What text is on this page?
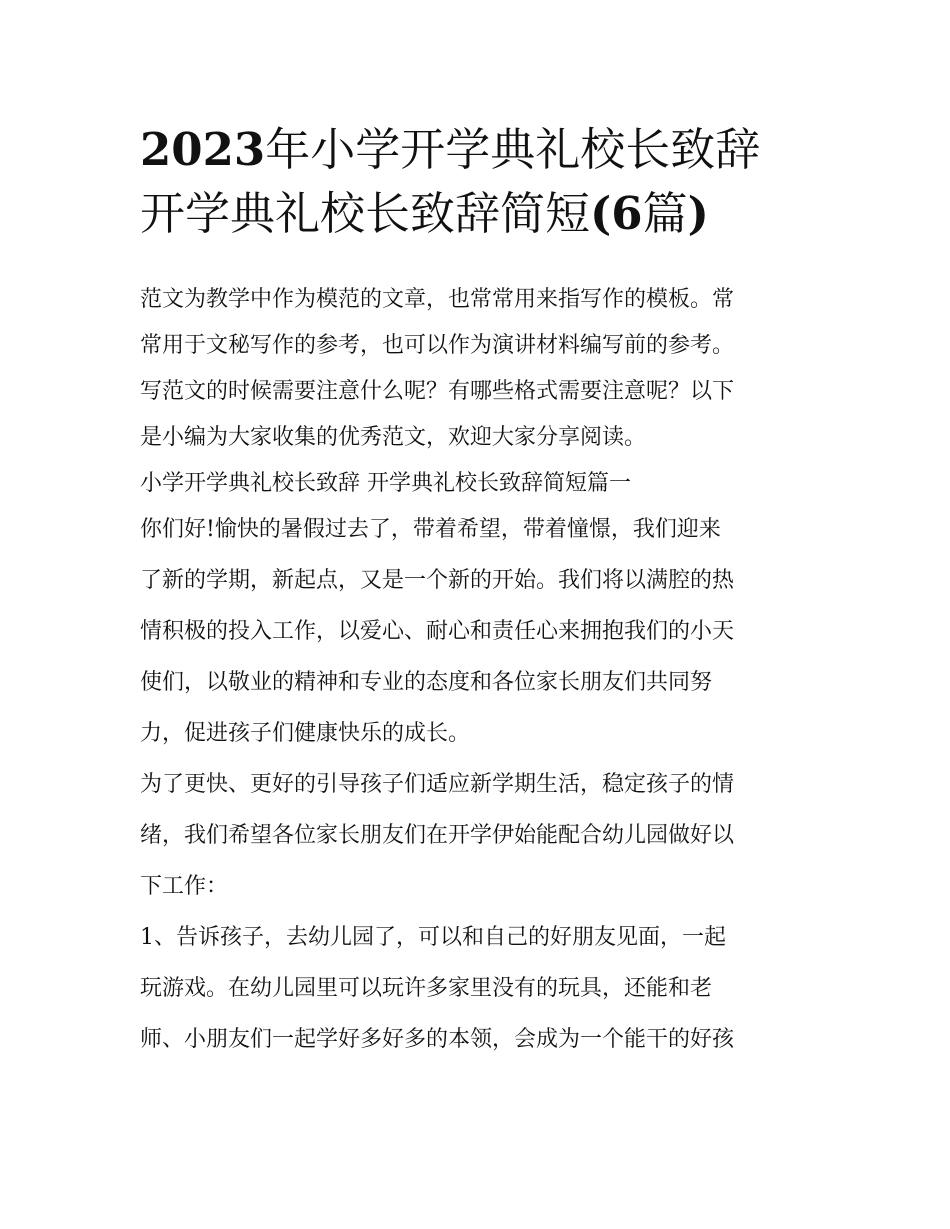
2023年小学开学典礼校长致辞
开学典礼校长致辞简短(6篇)

范文为教学中作为模范的文章，也常常用来指写作的模板。常
常用于文秘写作的参考，也可以作为演讲材料编写前的参考。
写范文的时候需要注意什么呢？有哪些格式需要注意呢？以下
是小编为大家收集的优秀范文，欢迎大家分享阅读。

小学开学典礼校长致辞 开学典礼校长致辞简短篇一

你们好!愉快的暑假过去了，带着希望，带着憧憬，我们迎来
了新的学期，新起点，又是一个新的开始。我们将以满腔的热
情积极的投入工作，以爱心、耐心和责任心来拥抱我们的小天
使们，以敬业的精神和专业的态度和各位家长朋友们共同努
力，促进孩子们健康快乐的成长。

为了更快、更好的引导孩子们适应新学期生活，稳定孩子的情
绪，我们希望各位家长朋友们在开学伊始能配合幼儿园做好以
下工作：

1、告诉孩子，去幼儿园了，可以和自己的好朋友见面，一起
玩游戏。在幼儿园里可以玩许多家里没有的玩具，还能和老
师、小朋友们一起学好多好多的本领，会成为一个能干的好孩
